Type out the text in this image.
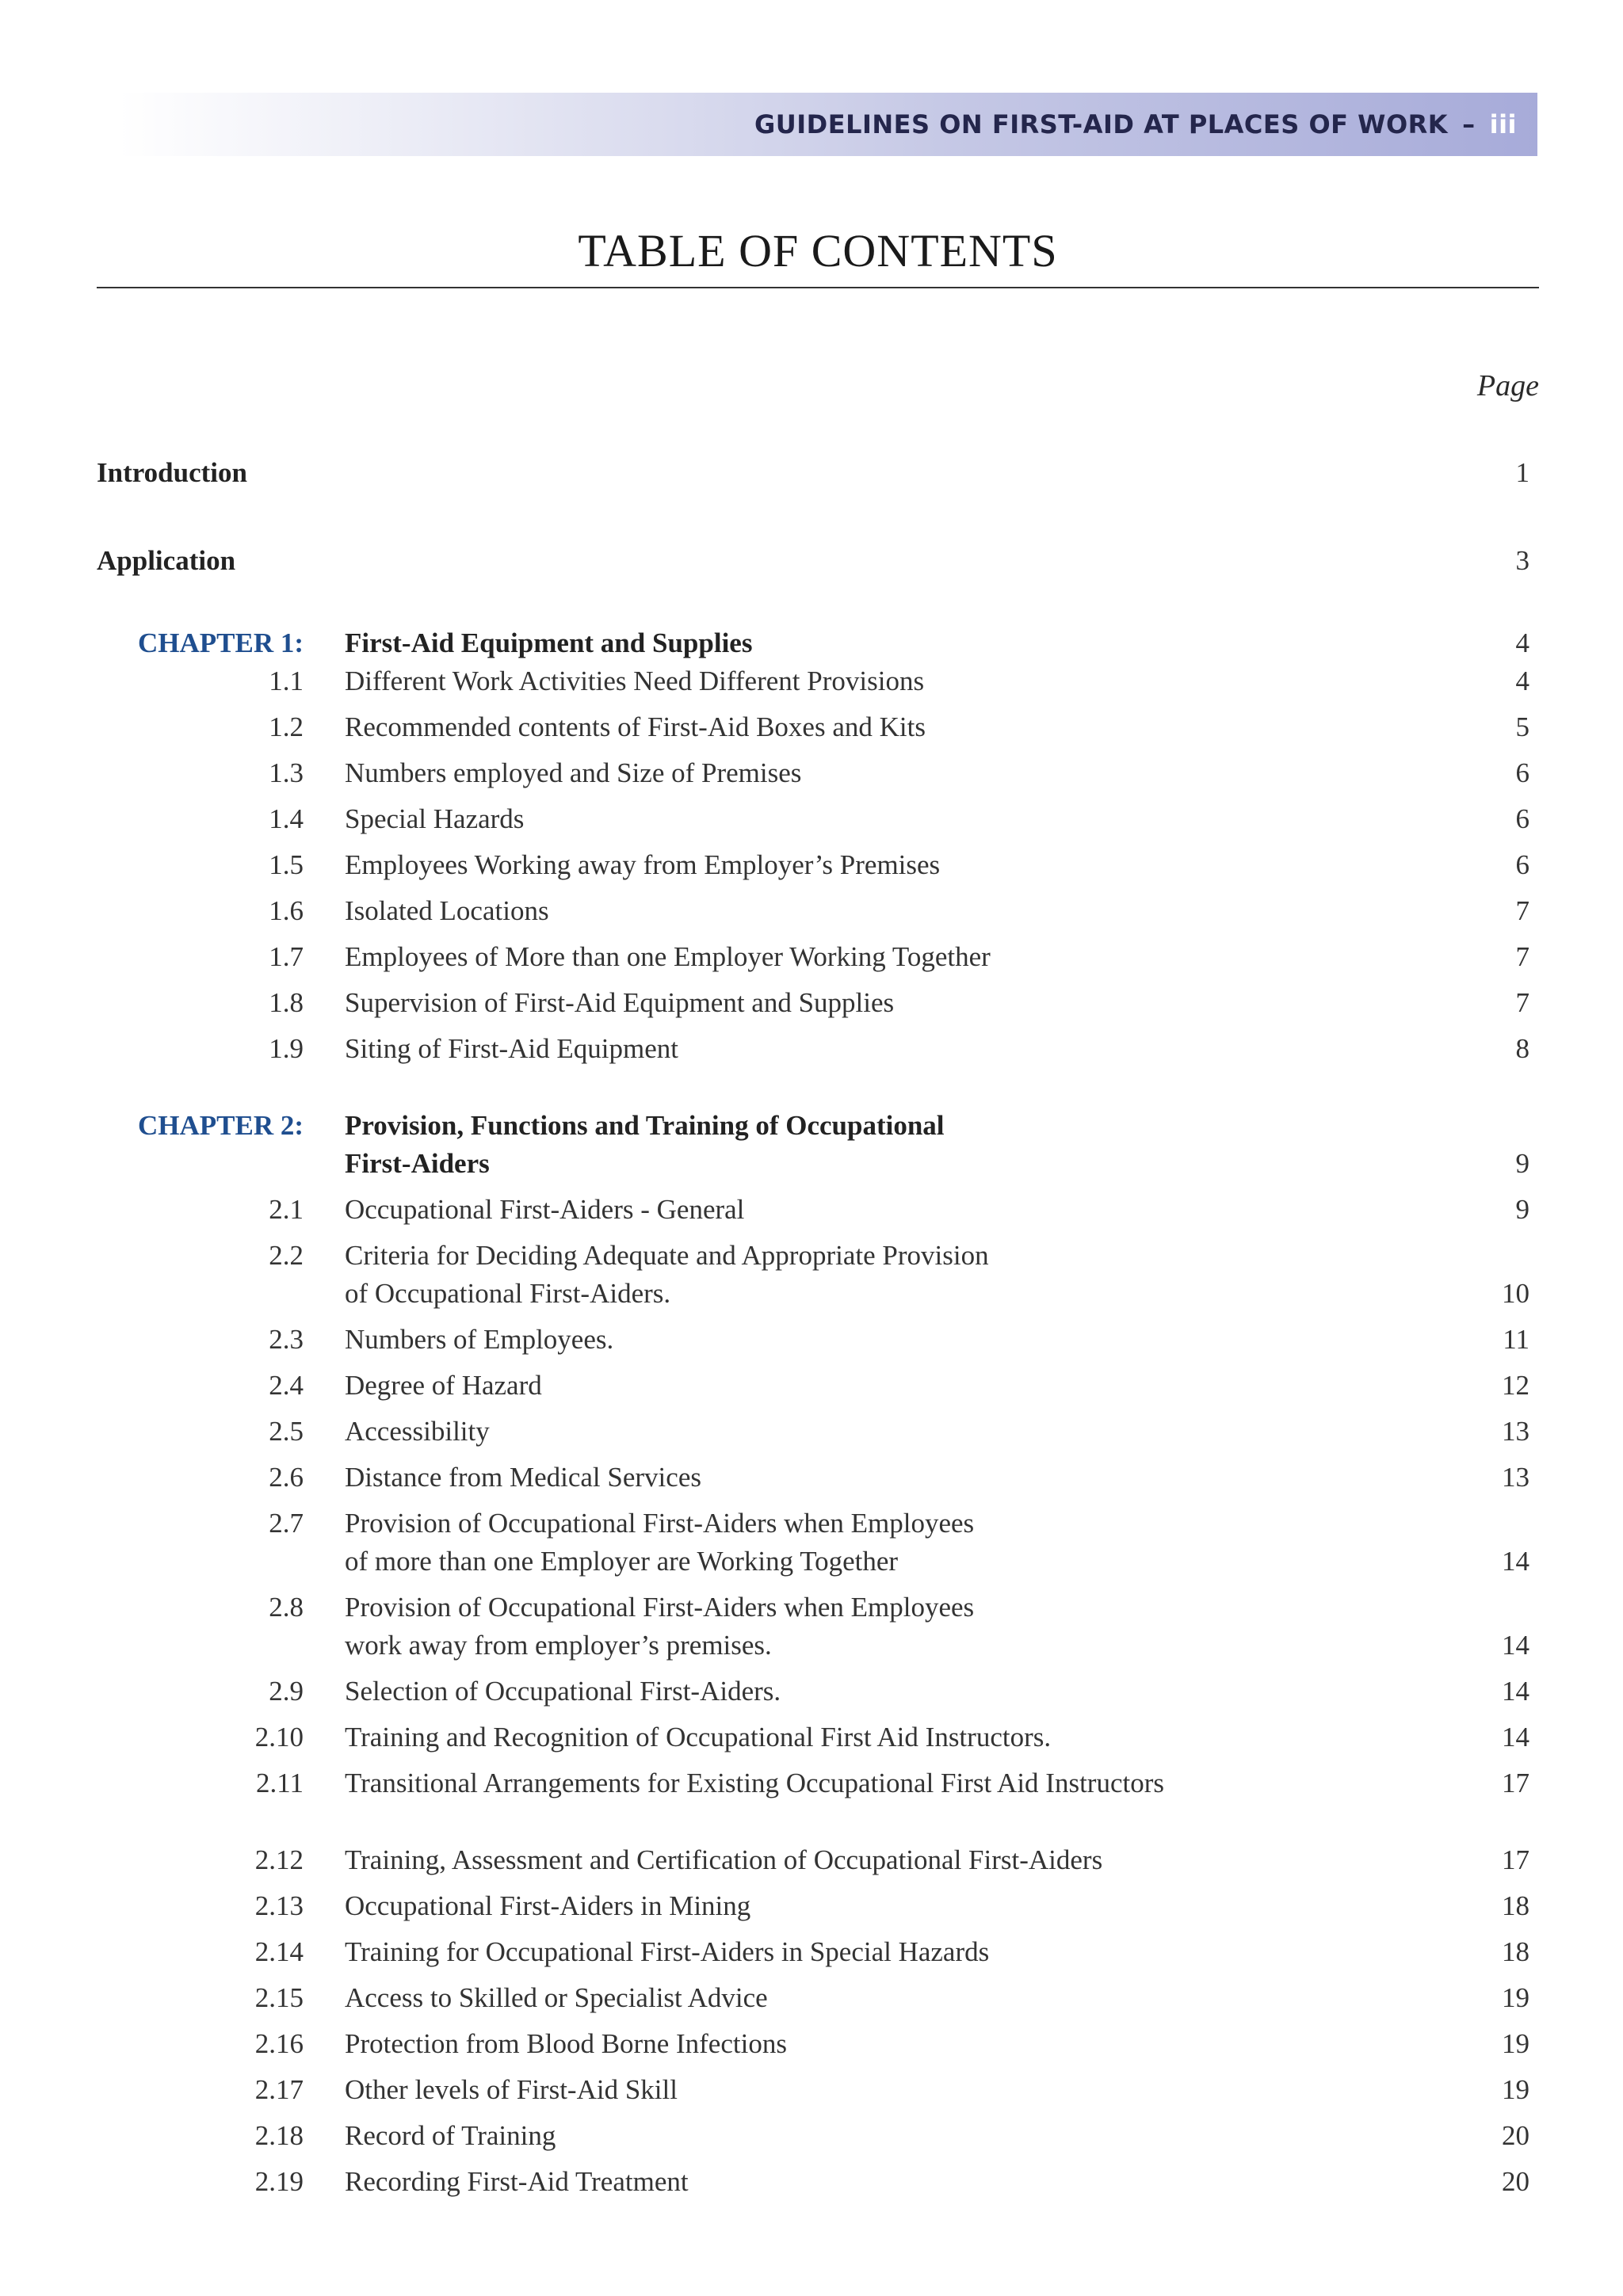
GUIDELINES ON FIRST-AID AT PLACES OF WORK – iii
TABLE OF CONTENTS
Page
Introduction	1
Application	3
CHAPTER 1: First-Aid Equipment and Supplies	4
1.1 Different Work Activities Need Different Provisions	4
1.2 Recommended contents of First-Aid Boxes and Kits	5
1.3 Numbers employed and Size of Premises	6
1.4 Special Hazards	6
1.5 Employees Working away from Employer’s Premises	6
1.6 Isolated Locations	7
1.7 Employees of More than one Employer Working Together	7
1.8 Supervision of First-Aid Equipment and Supplies	7
1.9 Siting of First-Aid Equipment	8
CHAPTER 2: Provision, Functions and Training of Occupational
First-Aiders	9
2.1 Occupational First-Aiders - General	9
2.2 Criteria for Deciding Adequate and Appropriate Provision
of Occupational First-Aiders.	10
2.3 Numbers of Employees.	11
2.4 Degree of Hazard	12
2.5 Accessibility	13
2.6 Distance from Medical Services	13
2.7 Provision of Occupational First-Aiders when Employees
of more than one Employer are Working Together	14
2.8 Provision of Occupational First-Aiders when Employees
work away from employer’s premises.	14
2.9 Selection of Occupational First-Aiders.	14
2.10 Training and Recognition of Occupational First Aid Instructors.	14
2.11 Transitional Arrangements for Existing Occupational First Aid Instructors	17
2.12 Training, Assessment and Certification of Occupational First-Aiders	17
2.13 Occupational First-Aiders in Mining	18
2.14 Training for Occupational First-Aiders in Special Hazards	18
2.15 Access to Skilled or Specialist Advice	19
2.16 Protection from Blood Borne Infections	19
2.17 Other levels of First-Aid Skill	19
2.18 Record of Training	20
2.19 Recording First-Aid Treatment	20
